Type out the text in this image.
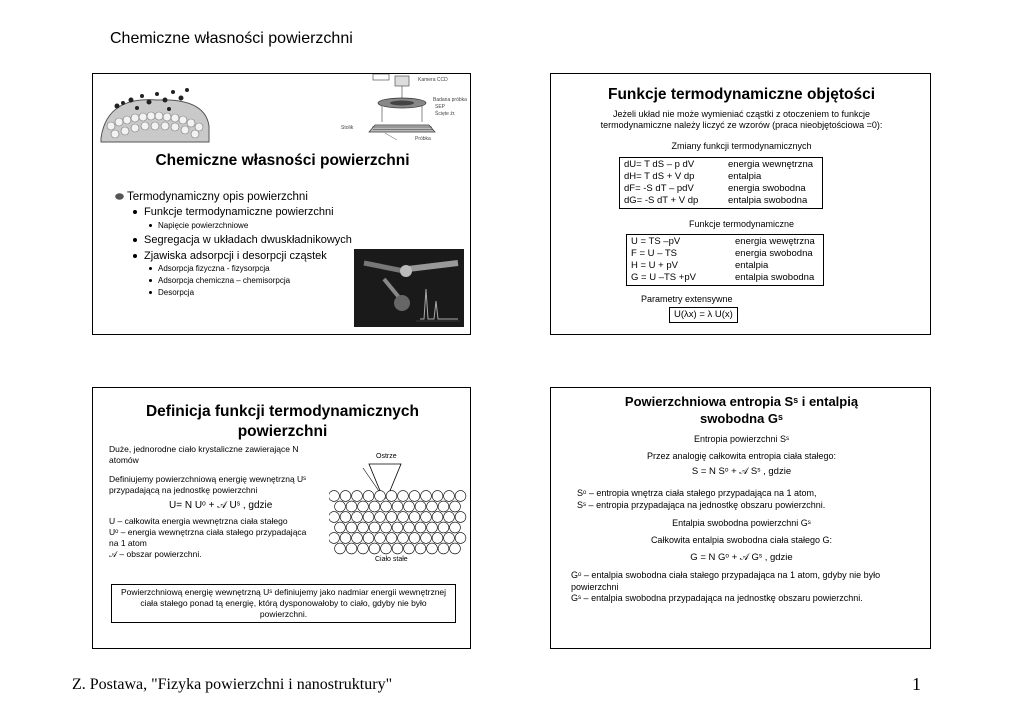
Chemiczne własności powierzchni
Kamera CCD
Badana próbka
SEP
Ścięte źr.
Stolik
Próbka
Chemiczne własności powierzchni
Termodynamiczny opis powierzchni
Funkcje termodynamiczne powierzchni
Napięcie powierzchniowe
Segregacja w układach dwuskładnikowych
Zjawiska adsorpcji i desorpcji cząstek
Adsorpcja fizyczna - fizysorpcja
Adsorpcja chemiczna – chemisorpcja
Desorpcja
Funkcje termodynamiczne objętości
Jeżeli układ nie może wymieniać cząstki z otoczeniem to funkcje
termodynamiczne należy liczyć ze wzorów (praca nieobjętościowa =0):
Zmiany funkcji termodynamicznych
dU= T dS – p dV	energia wewnętrzna
dH= T dS + V dp	entalpia
dF= -S dT – pdV	energia swobodna
dG= -S dT + V dp	entalpia swobodna
Funkcje termodynamiczne
U = TS –pV	energia wewętrzna
F = U – TS	energia swobodna
H = U + pV	entalpia
G = U –TS +pV	entalpia swobodna
Parametry extensywne
U(λx) = λ U(x)
Definicja funkcji termodynamicznych
powierzchni
Duże, jednorodne ciało krystaliczne zawierające N atomów
Definiujemy powierzchniową energię wewnętrzną Uˢ przypadającą na jednostkę powierzchni
U= N Uᵒ + 𝒜 Uˢ , gdzie
U – całkowita energia wewnętrzna ciała stałego
Uᵒ – energia wewnętrzna ciała stałego przypadająca na 1 atom
𝒜 – obszar powierzchni.
Ostrze
Ciało stałe
Powierzchniową energię wewnętrzną Uˢ definiujemy jako nadmiar energii wewnętrznej ciała stałego ponad tą energię, którą dysponowałoby to ciało, gdyby nie było powierzchni.
Powierzchniowa entropia Sˢ i entalpią
swobodna Gˢ
Entropia powierzchni Sˢ
Przez analogię całkowita entropia ciała stałego:
S = N Sᵒ + 𝒜 Sˢ , gdzie
Sᵒ – entropia wnętrza ciała stałego przypadająca na 1 atom,
Sˢ – entropia przypadająca na jednostkę obszaru powierzchni.
Entalpia swobodna powierzchni Gˢ
Całkowita entalpia swobodna ciała stałego G:
G = N Gᵒ + 𝒜 Gˢ , gdzie
Gᵒ – entalpia swobodna ciała stałego przypadająca na 1 atom, gdyby nie było powierzchni
Gˢ – entalpia swobodna przypadająca na jednostkę obszaru powierzchni.
Z. Postawa, "Fizyka powierzchni i nanostruktury"	1
